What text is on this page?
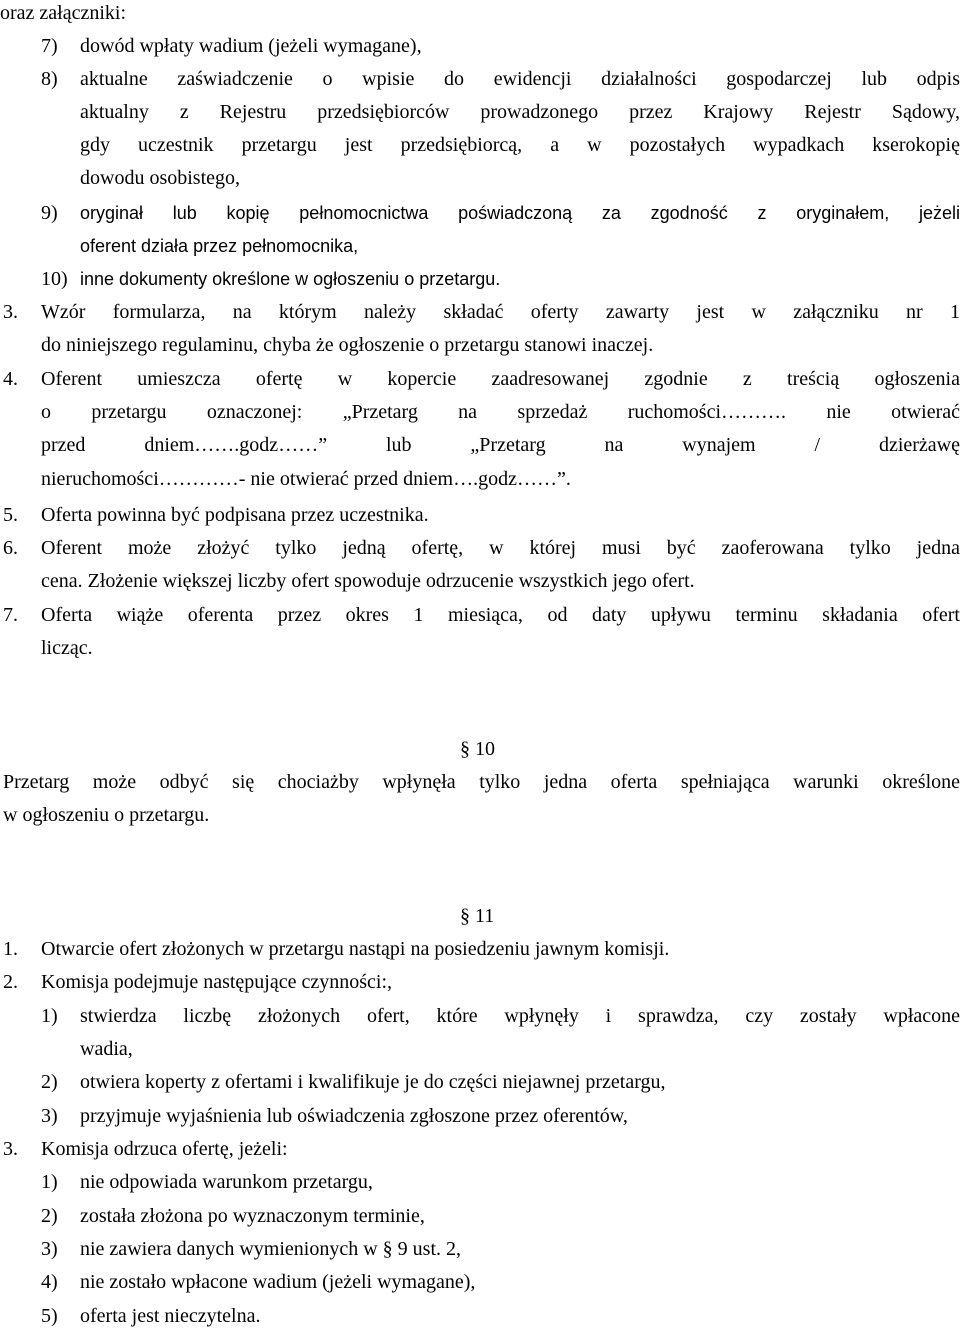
oraz załączniki:
7) dowód wpłaty wadium (jeżeli wymagane),
8) aktualne zaświadczenie o wpisie do ewidencji działalności gospodarczej lub odpis
aktualny z Rejestru przedsiębiorców prowadzonego przez Krajowy Rejestr Sądowy,
gdy uczestnik przetargu jest przedsiębiorcą, a w pozostałych wypadkach kserokopię
dowodu osobistego,
9) oryginał lub kopię pełnomocnictwa poświadczoną za zgodność z oryginałem, jeżeli
oferent działa przez pełnomocnika,
10) inne dokumenty określone w ogłoszeniu o przetargu.
3. Wzór formularza, na którym należy składać oferty zawarty jest w załączniku nr 1
do niniejszego regulaminu, chyba że ogłoszenie o przetargu stanowi inaczej.
4. Oferent umieszcza ofertę w kopercie zaadresowanej zgodnie z treścią ogłoszenia
o przetargu oznaczonej: „Przetarg na sprzedaż ruchomości………. nie otwierać
przed dniem…….godz……” lub „Przetarg na wynajem / dzierżawę
nieruchomości…………- nie otwierać przed dniem….godz……”.
5. Oferta powinna być podpisana przez uczestnika.
6. Oferent może złożyć tylko jedną ofertę, w której musi być zaoferowana tylko jedna
cena. Złożenie większej liczby ofert spowoduje odrzucenie wszystkich jego ofert.
7. Oferta wiąże oferenta przez okres 1 miesiąca, od daty upływu terminu składania ofert
licząc.
§ 10
Przetarg może odbyć się chociażby wpłynęła tylko jedna oferta spełniająca warunki określone
w ogłoszeniu o przetargu.
§ 11
1. Otwarcie ofert złożonych w przetargu nastąpi na posiedzeniu jawnym komisji.
2. Komisja podejmuje następujące czynności:,
1) stwierdza liczbę złożonych ofert, które wpłynęły i sprawdza, czy zostały wpłacone
wadia,
2) otwiera koperty z ofertami i kwalifikuje je do części niejawnej przetargu,
3) przyjmuje wyjaśnienia lub oświadczenia zgłoszone przez oferentów,
3. Komisja odrzuca ofertę, jeżeli:
1) nie odpowiada warunkom przetargu,
2) została złożona po wyznaczonym terminie,
3) nie zawiera danych wymienionych w § 9 ust. 2,
4) nie zostało wpłacone wadium (jeżeli wymagane),
5) oferta jest nieczytelna.
